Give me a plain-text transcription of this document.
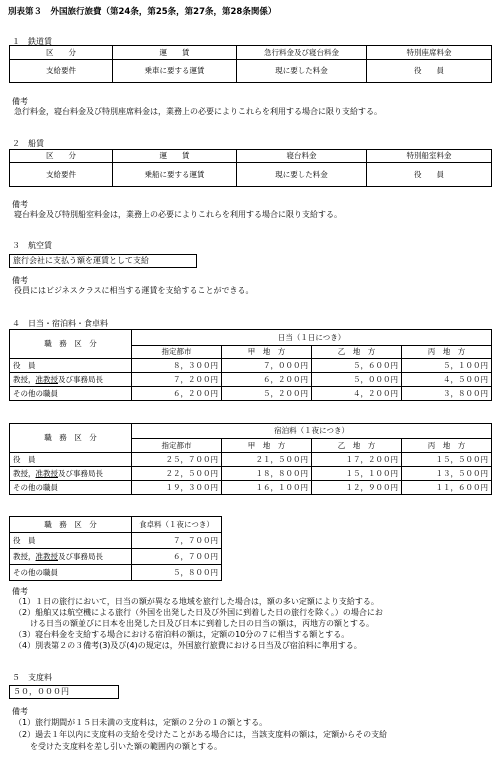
別表第３　外国旅行旅費（第24条，第25条，第27条，第28条関係）
１　鉄道賃
区　　分	運　　賃	急行料金及び寝台料金	特別座席料金
支給要件	乗車に要する運賃	現に要した料金	役　　員
備考
急行料金，寝台料金及び特別座席料金は，業務上の必要によりこれらを利用する場合に限り支給する。
２　船賃
区　　分	運　　賃	寝台料金	特別船室料金
支給要件	乗船に要する運賃	現に要した料金	役　　員
備考
寝台料金及び特別船室料金は，業務上の必要によりこれらを利用する場合に限り支給する。
３　航空賃
旅行会社に支払う額を運賃として支給
備考
役員にはビジネスクラスに相当する運賃を支給することができる。
４　日当・宿泊料・食卓料
職　務　区　分	日当（１日につき）			
	指定都市	甲　地　方	乙　地　方	丙　地　方
役　員	８，３００円	７，０００円	５，６００円	５，１００円
教授，准教授及び事務局長	７，２００円	６，２００円	５，０００円	４，５００円
その他の職員	６，２００円	５，２００円	４，２００円	３，８００円
職　務　区　分	宿泊料（１夜につき）			
	指定都市	甲　地　方	乙　地　方	丙　地　方
役　員	２５，７００円	２１，５００円	１７，２００円	１５，５００円
教授，准教授及び事務局長	２２，５００円	１８，８００円	１５，１００円	１３，５００円
その他の職員	１９，３００円	１６，１００円	１２，９００円	１１，６００円
職　務　区　分	食卓料（１夜につき）
役　員	７，７００円
教授，准教授及び事務局長	６，７００円
その他の職員	５，８００円
備考
（1）１日の旅行において，日当の額が異なる地域を旅行した場合は，額の多い定額により支給する。
（2）船舶又は航空機による旅行（外国を出発した日及び外国に到着した日の旅行を除く。）の場合にお
　　ける日当の額並びに日本を出発した日及び日本に到着した日の日当の額は，丙地方の額とする。
（3）寝台料金を支給する場合における宿泊料の額は，定額の10分の７に相当する額とする。
（4）別表第２の３備考(3)及び(4)の規定は，外国旅行旅費における日当及び宿泊料に準用する。
５　支度料
５０，０００円
備考
（1）旅行期間が１５日未満の支度料は，定額の２分の１の額とする。
（2）過去１年以内に支度料の支給を受けたことがある場合には，当該支度料の額は，定額からその支給
　　を受けた支度料を差し引いた額の範囲内の額とする。
